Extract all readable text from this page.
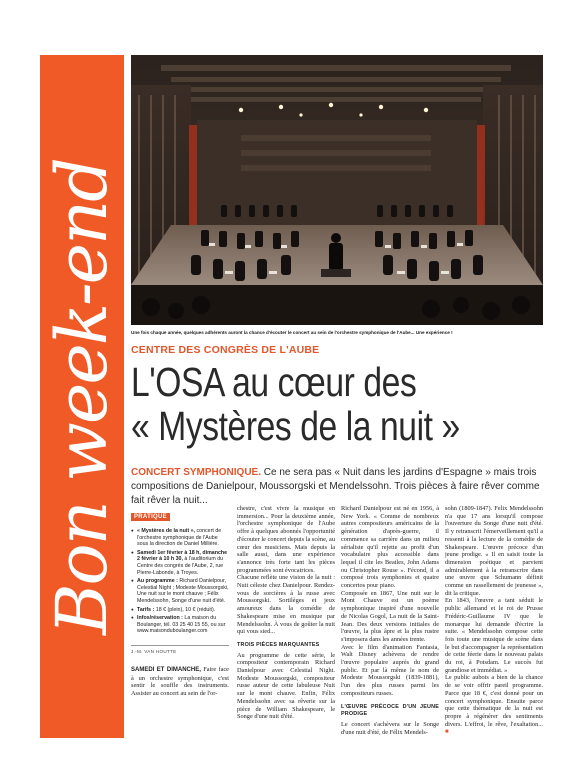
Bon week-end Une fois chaque année, quelques adhérents auront la chance d'écouter le concert au sein de l'orchestre symphonique de l'Aube... Une expérience !
CENTRE DES CONGRÈS DE L'AUBE
L'OSA au cœur des
« Mystères de la nuit »
CONCERT SYMPHONIQUE. Ce ne sera pas « Nuit dans les jardins d'Espagne » mais trois compositions de Danielpour, Moussorgski et Mendelssohn. Trois pièces à faire rêver comme fait rêver la nuit...
PRATIQUE
● « Mystères de la nuit », concert de l'orchestre symphonique de l'Aube sous la direction de Daniel Millière.
● Samedi 1er février à 18 h, dimanche 2 février à 10 h 30, à l'auditorium du Centre des congrès de l'Aube, 2, rue Pierre-Labonde, à Troyes.
● Au programme : Richard Danielpour, Celestial Night ; Modeste Moussorgski, Une nuit sur le mont chauve ; Félix Mendelssohn, Songe d'une nuit d'été.
● Tarifs : 18 € (plein), 10 € (réduit).
● Infos/réservation : La maison du Boulanger, tél. 03 25 40 15 55, ou sur www.maisonduboulanger.com
J.-M. VAN HOUTTE
SAMEDI ET DIMANCHE, Faire face à un orchestre symphonique, c'est sentir le souffle des instruments. Assister au concert au sein de l'or-

chestre, c'est vivre la musique en immersion... Pour la deuxième année, l'orchestre symphonique de l'Aube offre à quelques abonnés l'opportunité d'écouter le concert depuis la scène, au cœur des musiciens. Mais depuis la salle aussi, dans une expérience s'annonce très forte tant les pièces programmées sont évocatrices.

Chacune reflète une vision de la nuit : Nuit céleste chez Danielpour. Rendez-vous de sorcières à la russe avec Moussorgski. Sortilèges et jeux amoureux dans la comédie de Shakespeare mise en musique par Mendelssohn. À vous de goûter la nuit qui vous sied...

TROIS PIÈCES MARQUANTES

Au programme de cette série, le compositeur contemporain Richard Danielpour avec Celestial Night. Modeste Moussorgski, compositeur russe auteur de cette fabuleuse Nuit sur le mont chauve. Enfin, Félix Mendelssohn avec sa rêverie sur la pièce de William Shakespeare, le Songe d'une nuit d'été.

Richard Danielpour est né en 1956, à New York. « Comme de nombreux autres compositeurs américains de la génération d'après-guerre, il commence sa carrière dans un milieu sérialiste qu'il rejette au profit d'un vocabulaire plus accessible dans lequel il cite les Beatles, John Adams ou Christopher Rouse ». Fécond, il a composé trois symphonies et quatre concertos pour piano.

Composée en 1867, Une nuit sur le Mont Chauve est un poème symphonique inspiré d'une nouvelle de Nicolas Gogol, La nuit de la Saint-Jean. Des deux versions initiales de l'œuvre, la plus âpre et la plus rustre s'imposera dans les années trente.

Avec le film d'animation Fantasia, Walt Disney achèvera de rendre l'œuvre populaire auprès du grand public. Et par là même le nom de Modeste Moussorgski (1839-1881), l'un des plus russes parmi les compositeurs russes.

L'ŒUVRE PRÉCOCE D'UN JEUNE PRODIGE

Le concert s'achèvera sur le Songe d'une nuit d'été, de Félix Mendels-

sohn (1809-1847). Felix Mendelssohn n'a que 17 ans lorsqu'il compose l'ouverture du Songe d'une nuit d'été. Il y retranscrit l'émerveillement qu'il a ressenti à la lecture de la comédie de Shakespeare. L'œuvre précoce d'un jeune prodige. « Il en saisit toute la dimension poétique et parvient admirablement à la retranscrire dans une œuvre que Schumann définit comme un rassellement de jeunesse », dit la critique.

En 1843, l'œuvre a tant séduit le public allemand et le roi de Prusse Frédéric-Guillaume IV que le monarque lui demande d'écrire la suite. « Mendelssohn compose cette fois toute une musique de scène dans le but d'accompagner la représentation de cette féerie dans le nouveau palais du roi, à Potsdam. Le succès fut grandiose et immédiat. »

Le public aubois a bien de la chance de se voir offrir pareil programme. Parce que 18 €, c'est donné pour un concert symphonique. Ensuite parce que cette thématique de la nuit est propre à régénérer des sentiments divers. L'effroi, le rêve, l'exaltation... ■
